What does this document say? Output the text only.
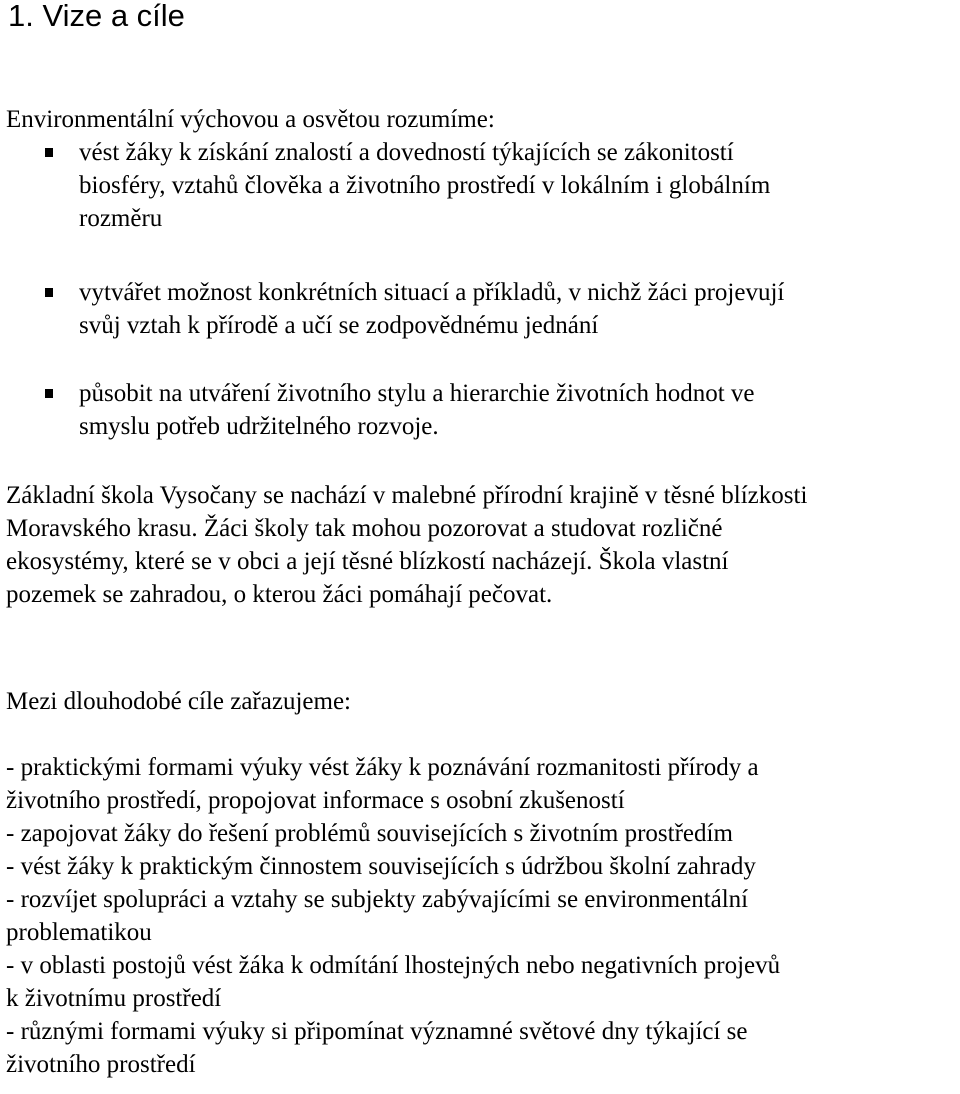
1. Vize a cíle

Environmentální výchovou a osvětou rozumíme:

vést žáky k získání znalostí a dovedností týkajících se zákonitostí
biosféry, vztahů člověka a životního prostředí v lokálním i globálním
rozměru
vytvářet možnost konkrétních situací a příkladů, v nichž žáci projevují
svůj vztah k přírodě a učí se zodpovědnému jednání
působit na utváření životního stylu a hierarchie životních hodnot ve
smyslu potřeb udržitelného rozvoje.
Základní škola Vysočany se nachází v malebné přírodní krajině v těsné blízkosti
Moravského krasu. Žáci školy tak mohou pozorovat a studovat rozličné
ekosystémy, které se v obci a její těsné blízkostí nacházejí. Škola vlastní
pozemek se zahradou, o kterou žáci pomáhají pečovat.

Mezi dlouhodobé cíle zařazujeme:

- praktickými formami výuky vést žáky k poznávání rozmanitosti přírody a
životního prostředí, propojovat informace s osobní zkušeností
- zapojovat žáky do řešení problémů souvisejících s životním prostředím
- vést žáky k praktickým činnostem souvisejících s údržbou školní zahrady
- rozvíjet spolupráci a vztahy se subjekty zabývajícími se environmentální
problematikou
- v oblasti postojů vést žáka k odmítání lhostejných nebo negativních projevů
k životnímu prostředí
- různými formami výuky si připomínat významné světové dny týkající se
životního prostředí
